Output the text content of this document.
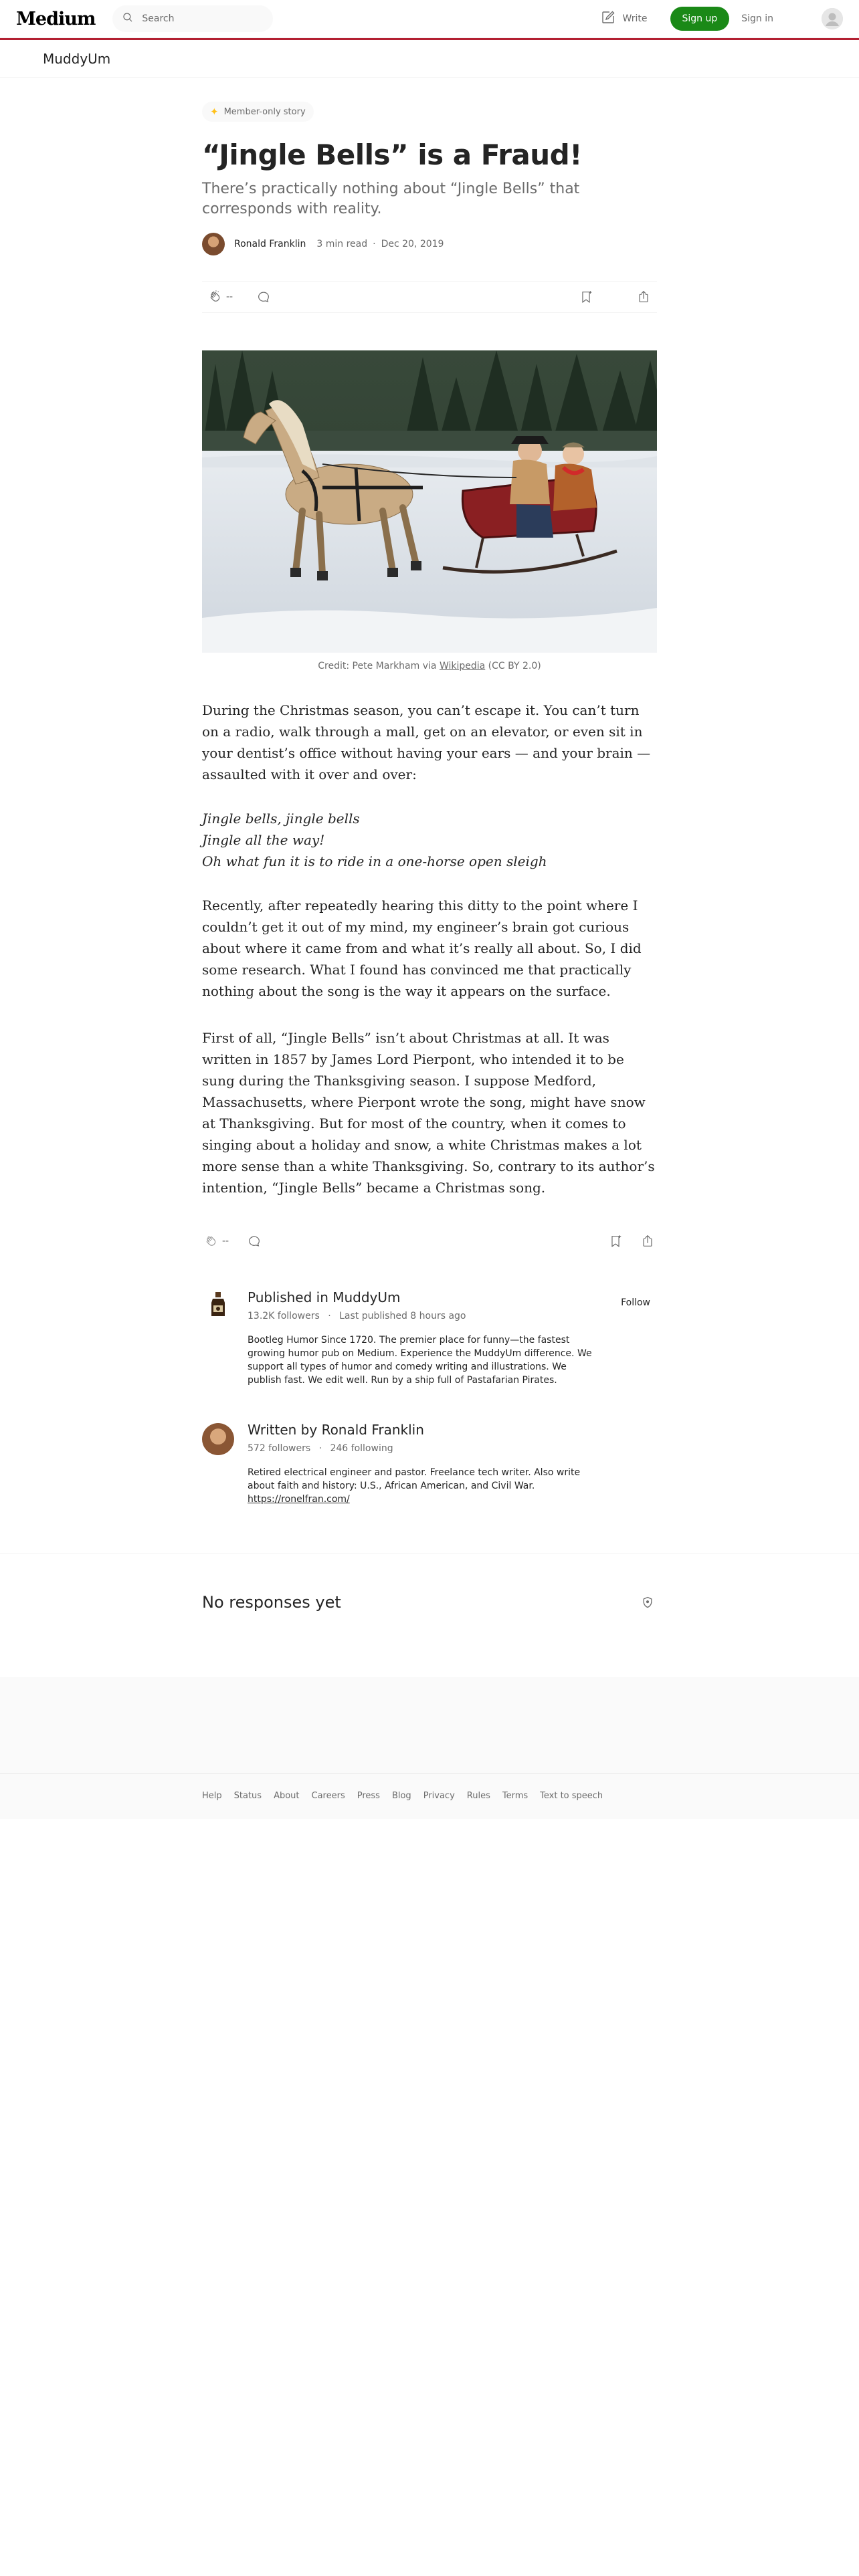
Medium
Search	Write	Sign up	Sign in
MuddyUm
✦ Member-only story
“Jingle Bells” is a Fraud!
There’s practically nothing about “Jingle Bells” that corresponds with reality.
Ronald Franklin 3 min read · Dec 20, 2019
--
Credit: Pete Markham via Wikipedia (CC BY 2.0)

During the Christmas season, you can’t escape it. You can’t turn on a radio, walk through a mall, get on an elevator, or even sit in your dentist’s office without having your ears — and your brain — assaulted with it over and over:

Jingle bells, jingle bells
Jingle all the way!
Oh what fun it is to ride in a one-horse open sleigh

Recently, after repeatedly hearing this ditty to the point where I couldn’t get it out of my mind, my engineer’s brain got curious about where it came from and what it’s really all about. So, I did some research. What I found has convinced me that practically nothing about the song is the way it appears on the surface.

First of all, “Jingle Bells” isn’t about Christmas at all. It was written in 1857 by James Lord Pierpont, who intended it to be sung during the Thanksgiving season. I suppose Medford, Massachusetts, where Pierpont wrote the song, might have snow at Thanksgiving. But for most of the country, when it comes to singing about a holiday and snow, a white Christmas makes a lot more sense than a white Thanksgiving. So, contrary to its author’s intention, “Jingle Bells” became a Christmas song.

--
Published in MuddyUm
13.2K followers · Last published 8 hours ago
Bootleg Humor Since 1720. The premier place for funny—the fastest growing humor pub on Medium. Experience the MuddyUm difference. We support all types of humor and comedy writing and illustrations. We publish fast. We edit well. Run by a ship full of Pastafarian Pirates.
Follow
Written by Ronald Franklin
572 followers · 246 following
Retired electrical engineer and pastor. Freelance tech writer. Also write about faith and history: U.S., African American, and Civil War.
https://ronelfran.com/
No responses yet
Help Status About Careers Press Blog Privacy Rules Terms Text to speech
